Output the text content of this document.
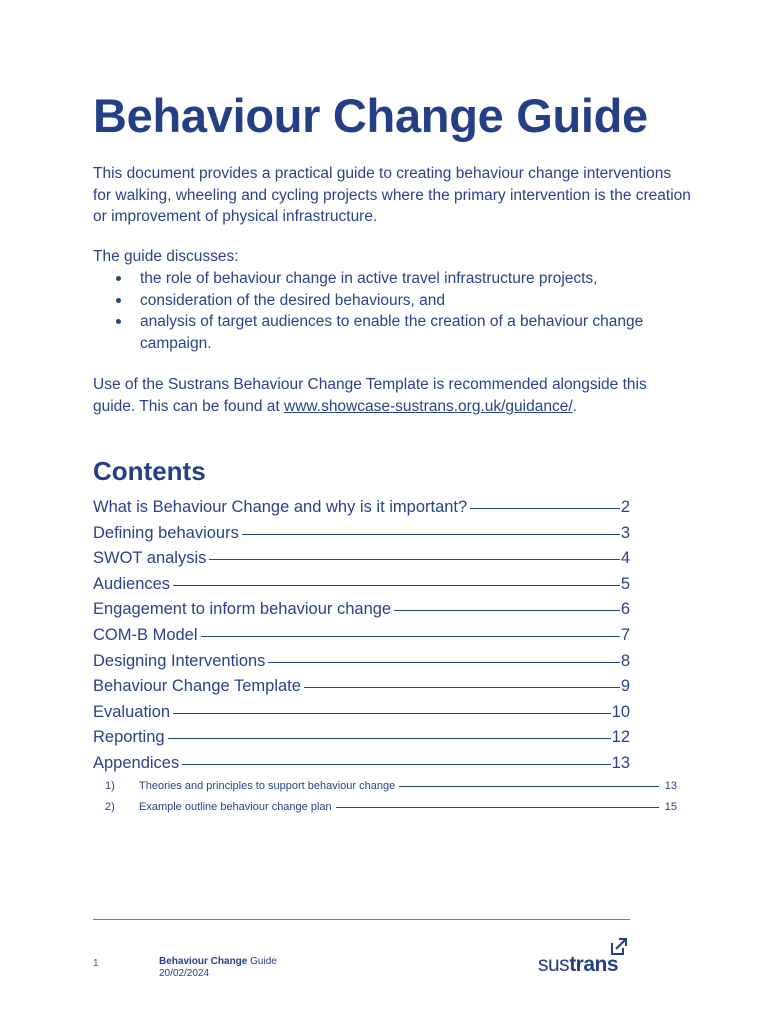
Behaviour Change Guide

This document provides a practical guide to creating behaviour change interventions for walking, wheeling and cycling projects where the primary intervention is the creation or improvement of physical infrastructure.

The guide discusses:

the role of behaviour change in active travel infrastructure projects,
consideration of the desired behaviours, and
analysis of target audiences to enable the creation of a behaviour change campaign.

Use of the Sustrans Behaviour Change Template is recommended alongside this guide. This can be found at www.showcase-sustrans.org.uk/guidance/.

Contents
What is Behaviour Change and why is it important?	2
Defining behaviours	3
SWOT analysis	4
Audiences	5
Engagement to inform behaviour change	6
COM-B Model	7
Designing Interventions	8
Behaviour Change Template	9
Evaluation	10
Reporting	12
Appendices	13
1)	Theories and principles to support behaviour change	13
2)	Example outline behaviour change plan	15
1	Behaviour Change Guide
20/02/2024	sustrans
